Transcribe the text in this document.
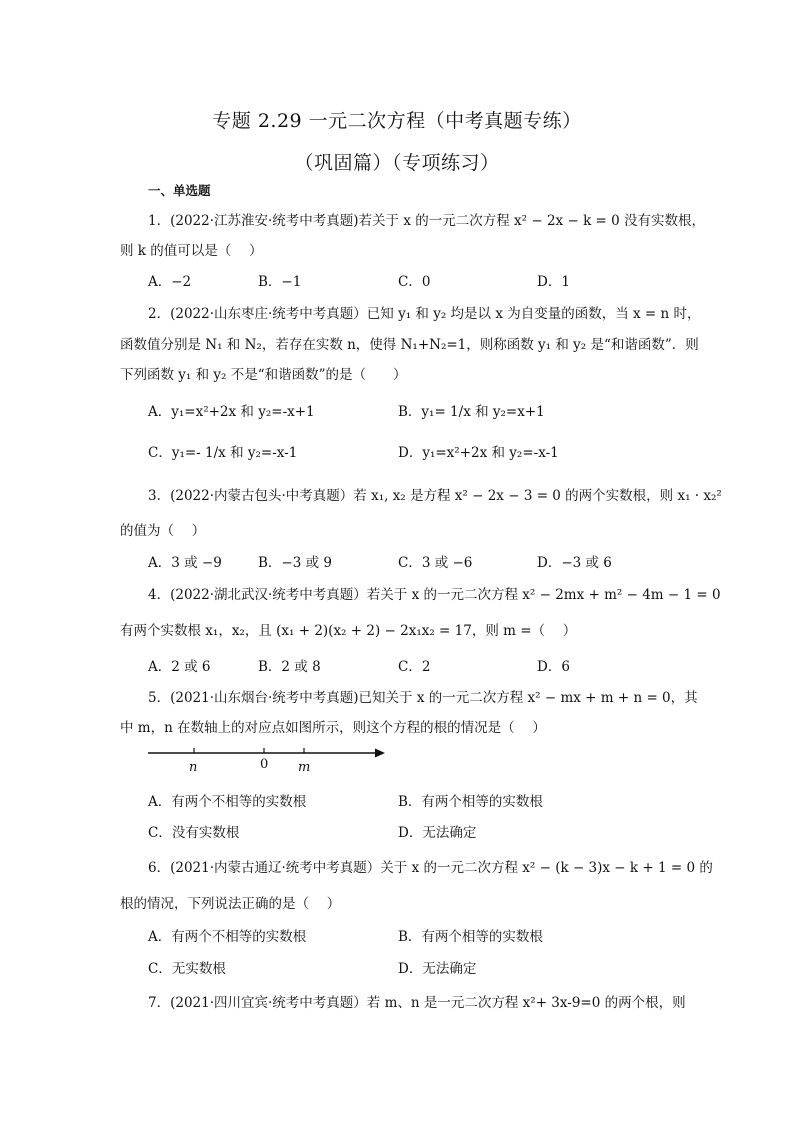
专题 2.29 一元二次方程（中考真题专练）
（巩固篇）（专项练习）
一、单选题
1．(2022·江苏淮安·统考中考真题)若关于 x 的一元二次方程 x² − 2x − k = 0 没有实数根，
则 k 的值可以是（　 ）
A．−2	B．−1	C．0	D．1
2．(2022·山东枣庄·统考中考真题）已知 y₁ 和 y₂ 均是以 x 为自变量的函数，当 x = n 时，
函数值分别是 N₁ 和 N₂，若存在实数 n，使得 N₁+N₂=1，则称函数 y₁ 和 y₂ 是“和谐函数”．则
下列函数 y₁ 和 y₂ 不是“和谐函数”的是（　　）
A．y₁=x²+2x 和 y₂=-x+1	B．y₁= 1/x 和 y₂=x+1
C．y₁=- 1/x 和 y₂=-x-1	D．y₁=x²+2x 和 y₂=-x-1
3．(2022·内蒙古包头·中考真题）若 x₁, x₂ 是方程 x² − 2x − 3 = 0 的两个实数根，则 x₁ · x₂²
的值为（　 ）
A．3 或 −9	B．−3 或 9	C．3 或 −6	D．−3 或 6
4．(2022·湖北武汉·统考中考真题）若关于 x 的一元二次方程 x² − 2mx + m² − 4m − 1 = 0
有两个实数根 x₁，x₂，且 (x₁ + 2)(x₂ + 2) − 2x₁x₂ = 17，则 m =（　 ）
A．2 或 6	B．2 或 8	C．2	D．6
5．(2021·山东烟台·统考中考真题)已知关于 x 的一元二次方程 x² − mx + m + n = 0，其
中 m，n 在数轴上的对应点如图所示，则这个方程的根的情况是（　 ）
n	0 m
A．有两个不相等的实数根	B．有两个相等的实数根
C．没有实数根	D．无法确定
6．(2021·内蒙古通辽·统考中考真题）关于 x 的一元二次方程 x² − (k − 3)x − k + 1 = 0 的
根的情况，下列说法正确的是（　 ）
A．有两个不相等的实数根	B．有两个相等的实数根
C．无实数根	D．无法确定
7．(2021·四川宜宾·统考中考真题）若 m、n 是一元二次方程 x²+ 3x-9=0 的两个根，则
